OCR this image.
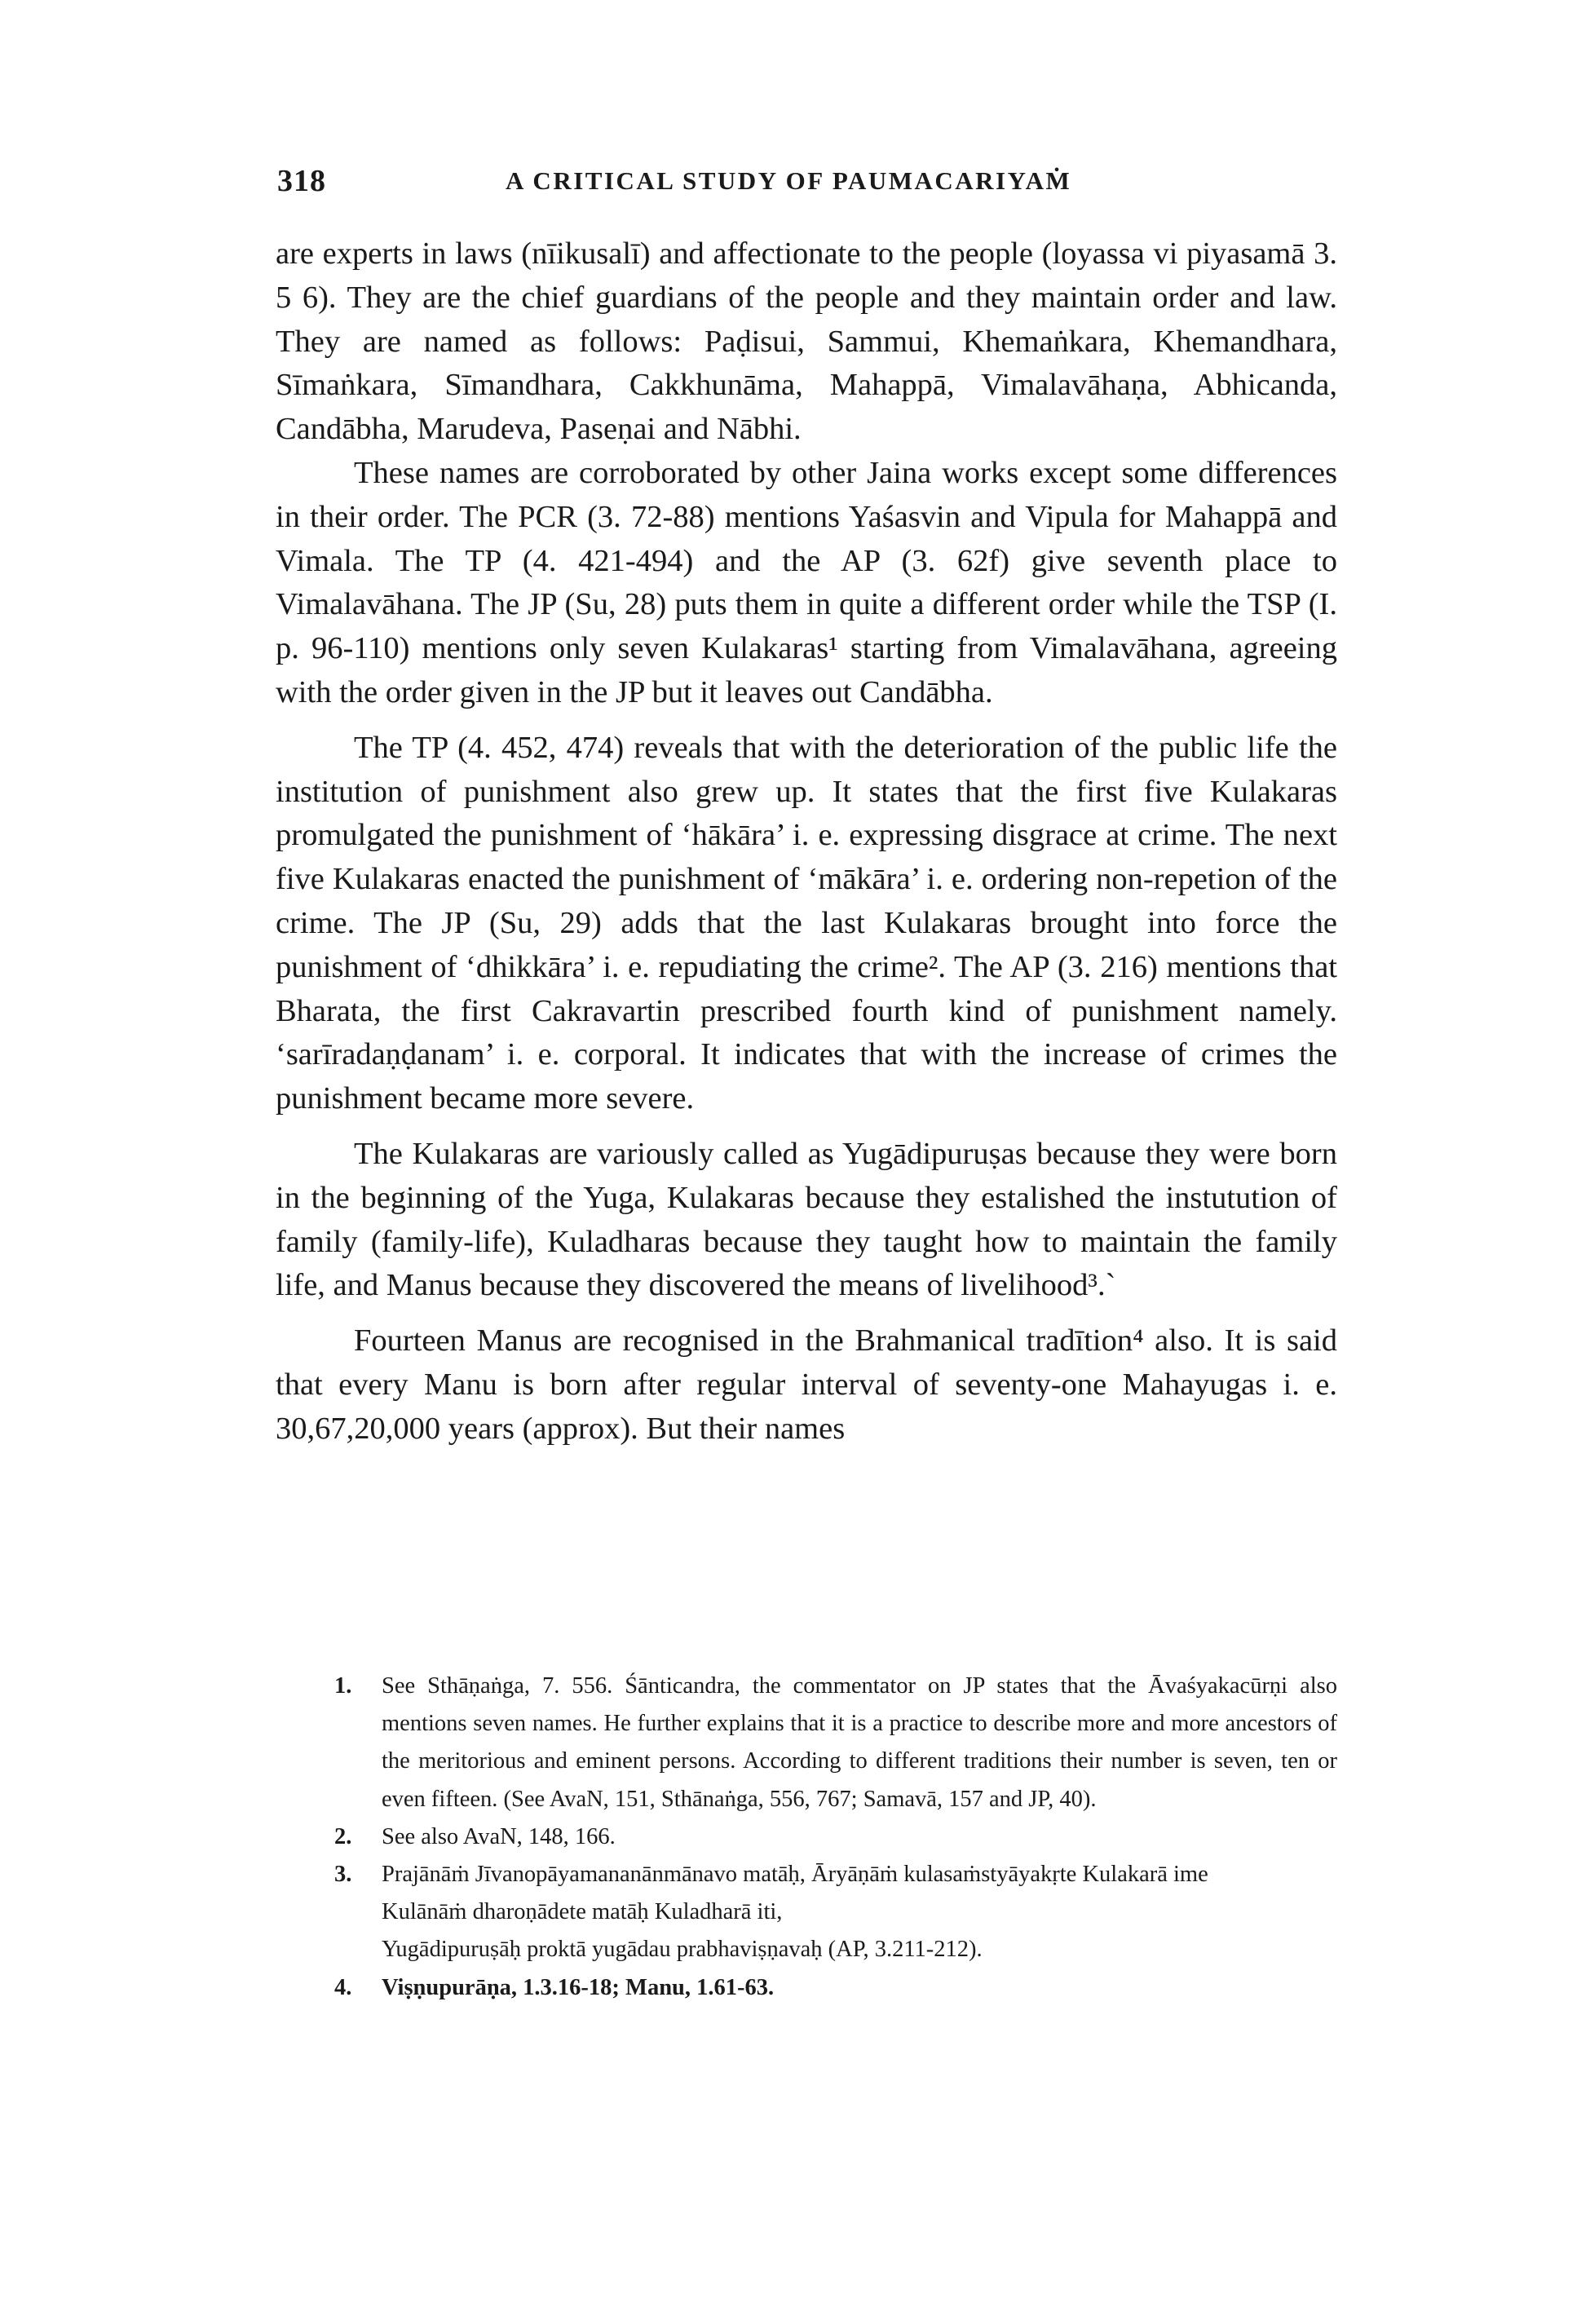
318	A CRITICAL STUDY OF PAUMACARIYAṀ

are experts in laws (nīikusalī) and affectionate to the people (loyassa vi piyasamā 3. 5 6). They are the chief guardians of the people and they maintain order and law. They are named as follows: Paḍisui, Sammui, Khemaṅkara, Khemandhara, Sīmaṅkara, Sīmandhara, Cakkhunāma, Mahappā, Vimalavāhaṇa, Abhicanda, Candābha, Marudeva, Paseṇai and Nābhi.

These names are corroborated by other Jaina works except some differences in their order. The PCR (3. 72-88) mentions Yaśasvin and Vipula for Mahappā and Vimala. The TP (4. 421-494) and the AP (3. 62f) give seventh place to Vimalavāhana. The JP (Su, 28) puts them in quite a different order while the TSP (I. p. 96-110) mentions only seven Kulakaras¹ starting from Vimalavāhana, agreeing with the order given in the JP but it leaves out Candābha.

The TP (4. 452, 474) reveals that with the deterioration of the public life the institution of punishment also grew up. It states that the first five Kulakaras promulgated the punishment of ‘hākāra’ i. e. expressing disgrace at crime. The next five Kulakaras enacted the punishment of ‘mākāra’ i. e. ordering non-repetion of the crime. The JP (Su, 29) adds that the last Kulakaras brought into force the punishment of ‘dhikkāra’ i. e. repudiating the crime². The AP (3. 216) mentions that Bharata, the first Cakravartin prescribed fourth kind of punishment namely. ‘sarīradaṇḍanam’ i. e. corporal. It indicates that with the increase of crimes the punishment became more severe.

The Kulakaras are variously called as Yugādipuruṣas because they were born in the beginning of the Yuga, Kulakaras because they estalished the instutution of family (family-life), Kuladharas because they taught how to maintain the family life, and Manus because they discovered the means of livelihood³.`

Fourteen Manus are recognised in the Brahmanical tradītion⁴ also. It is said that every Manu is born after regular interval of seventy-one Mahayugas i. e. 30,67,20,000 years (approx). But their names

1. See Sthāṇaṅga, 7. 556. Śānticandra, the commentator on JP states that the Āvaśyakacūrṇi also mentions seven names. He further explains that it is a practice to describe more and more ancestors of the meritorious and eminent persons. According to different traditions their number is seven, ten or even fifteen. (See AvaN, 151, Sthānaṅga, 556, 767; Samavā, 157 and JP, 40).
2. See also AvaN, 148, 166.
3. Prajānāṁ Jīvanopāyamananānmānavo matāḥ, Āryāṇāṁ kulasaṁstyāyakṛte Kulakarā ime
Kulānāṁ dharoṇādete matāḥ Kuladharā iti,
Yugādipuruṣāḥ proktā yugādau prabhaviṣṇavaḥ (AP, 3.211-212).
4. Viṣṇupurāṇa, 1.3.16-18; Manu, 1.61-63.
